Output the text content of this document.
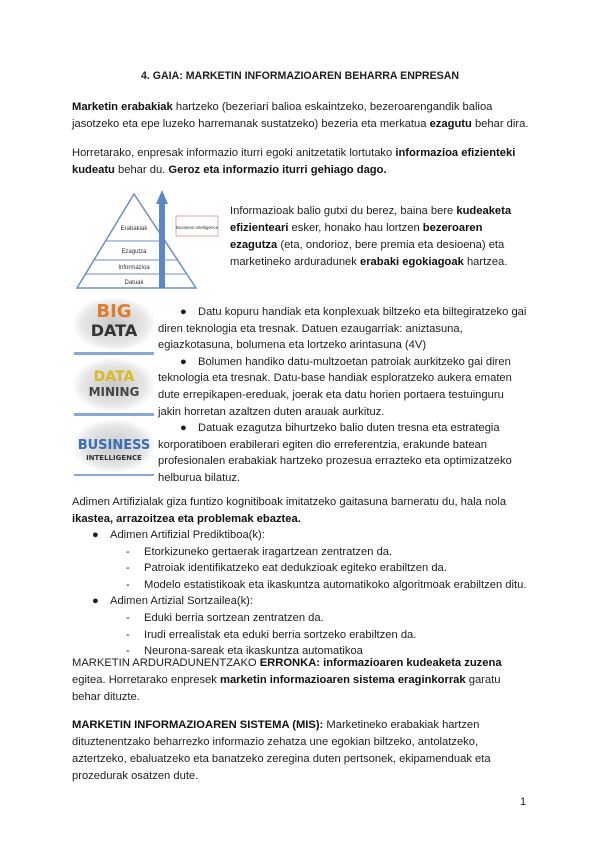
4. GAIA: MARKETIN INFORMAZIOAREN BEHARRA ENPRESAN
Marketin erabakiak hartzeko (bezeriari balioa eskaintzeko, bezeroarengandik balioa
jasotzeko eta epe luzeko harremanak sustatzeko) bezeria eta merkatua ezagutu behar dira.
Horretarako, enpresak informazio iturri egoki anitzetatik lortutako informazioa efizienteki
kudeatu behar du. Geroz eta informazio iturri gehiago dago.
Erabakiak
Ezagutza
Informazioa
Datuak
Business Intelligence
Informazioak balio gutxi du berez, baina bere kudeaketa
efizienteari esker, honako hau lortzen bezeroaren
ezagutza (eta, ondorioz, bere premia eta desioena) eta
marketineko arduradunek erabaki egokiagoak hartzea.
BIG
DATA
DATA
MINING
BUSINESS
INTELLIGENCE
● Datu kopuru handiak eta konplexuak biltzeko eta biltegiratzeko gai
diren teknologia eta tresnak. Datuen ezaugarriak: aniztasuna,
egiazkotasuna, bolumena eta lortzeko arintasuna (4V)
● Bolumen handiko datu-multzoetan patroiak aurkitzeko gai diren
teknologia eta tresnak. Datu-base handiak esploratzeko aukera ematen
dute errepikapen-ereduak, joerak eta datu horien portaera testuinguru
jakin horretan azaltzen duten arauak aurkituz.
● Datuak ezagutza bihurtzeko balio duten tresna eta estrategia
korporatiboen erabilerari egiten dio erreferentzia, erakunde batean
profesionalen erabakiak hartzeko prozesua errazteko eta optimizatzeko
helburua bilatuz.
Adimen Artifizialak giza funtizo kognitiboak imitatzeko gaitasuna barneratu du, hala nola
ikastea, arrazoitzea eta problemak ebaztea.
● Adimen Artifizial Prediktiboa(k):
- Etorkizuneko gertaerak iragartzean zentratzen da.
- Patroiak identifikatzeko eat dedukzioak egiteko erabiltzen da.
- Modelo estatistikoak eta ikaskuntza automatikoko algoritmoak erabiltzen ditu.
● Adimen Artizial Sortzailea(k):
- Eduki berria sortzean zentratzen da.
- Irudi errealistak eta eduki berria sortzeko erabiltzen da.
- Neurona-sareak eta ikaskuntza automatikoa
MARKETIN ARDURADUNENTZAKO ERRONKA: informazioaren kudeaketa zuzena
egitea. Horretarako enpresek marketin informazioaren sistema eraginkorrak garatu
behar dituzte.
MARKETIN INFORMAZIOAREN SISTEMA (MIS): Marketineko erabakiak hartzen
dituztenentzako beharrezko informazio zehatza une egokian biltzeko, antolatzeko,
aztertzeko, ebaluatzeko eta banatzeko zeregina duten pertsonek, ekipamenduak eta
prozedurak osatzen dute.
1
